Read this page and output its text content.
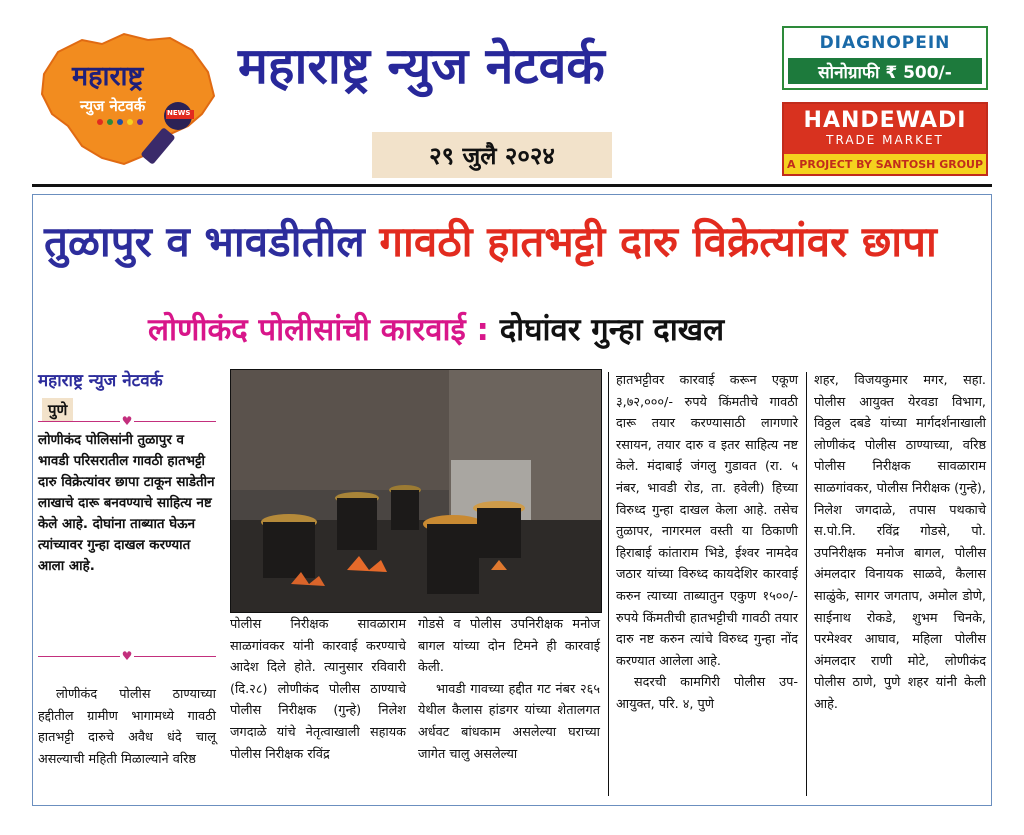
महाराष्ट्र
न्युज नेटवर्क	NEWS
महाराष्ट्र न्युज नेटवर्क
२९ जुलै २०२४
DIAGNOPEIN
सोनोग्राफी ₹ 500/-
HANDEWADI
TRADE MARKET
A PROJECT BY SANTOSH GROUP
तुळापुर व भावडीतील गावठी हातभट्टी दारु विक्रेत्यांवर छापा
लोणीकंद पोलीसांची कारवाई : दोघांवर गुन्हा दाखल
महाराष्ट्र न्युज नेटवर्क
पुणे
♥
लोणीकंद पोलिसांनी तुळापुर व भावडी परिसरातील गावठी हातभट्टी दारु विक्रेत्यांवर छापा टाकून साडेतीन लाखाचे दारू बनवण्याचे साहित्य नष्ट केले आहे. दोघांना ताब्यात घेऊन त्यांच्यावर गुन्हा दाखल करण्यात आला आहे.
♥
लोणीकंद पोलीस ठाण्याच्या हद्दीतील ग्रामीण भागामध्ये गावठी हातभट्टी दारुचे अवैध धंदे चालू असल्याची महिती मिळाल्याने वरिष्ठ
पोलीस निरीक्षक सावळाराम साळगांवकर यांनी कारवाई करण्याचे आदेश दिले होते. त्यानुसार रविवारी (दि.२८) लोणीकंद पोलीस ठाण्याचे पोलीस निरीक्षक (गुन्हे) निलेश जगदाळे यांचे नेतृत्वाखाली सहायक पोलीस निरीक्षक रविंद्र
गोडसे व पोलीस उपनिरीक्षक मनोज बागल यांच्या दोन टिमने ही कारवाई केली.
भावडी गावच्या हद्दीत गट नंबर २६५ येथील कैलास हांडगर यांच्या शेतालगत अर्धवट बांधकाम असलेल्या घराच्या जागेत चालु असलेल्या
हातभट्टीवर कारवाई करून एकूण ३,७२,०००/- रुपये किंमतीचे गावठी दारू तयार करण्यासाठी लागणारे रसायन, तयार दारु व इतर साहित्य नष्ट केले. मंदाबाई जंगलु गुडावत (रा. ५ नंबर, भावडी रोड, ता. हवेली) हिच्या विरुध्द गुन्हा दाखल केला आहे. तसेच तुळापर, नागरमल वस्ती या ठिकाणी हिराबाई कांताराम भिडे, ईश्वर नामदेव जठार यांच्या विरुध्द कायदेशिर कारवाई करुन त्याच्या ताब्यातुन एकुण १५००/- रुपये किंमतीची हातभट्टीची गावठी तयार दारु नष्ट करुन त्यांचे विरुध्द गुन्हा नोंद करण्यात आलेला आहे.
सदरची कामगिरी पोलीस उप-आयुक्त, परि. ४, पुणे
शहर, विजयकुमार मगर, सहा. पोलीस आयुक्त येरवडा विभाग, विठ्ठल दबडे यांच्या मार्गदर्शनाखाली लोणीकंद पोलीस ठाण्याच्या, वरिष्ठ पोलीस निरीक्षक सावळाराम साळगांवकर, पोलीस निरीक्षक (गुन्हे), निलेश जगदाळे, तपास पथकाचे स.पो.नि. रविंद्र गोडसे, पो. उपनिरीक्षक मनोज बागल, पोलीस अंमलदार विनायक साळवे, कैलास साळुंके, सागर जगताप, अमोल डोणे, साईनाथ रोकडे, शुभम चिनके, परमेश्वर आघाव, महिला पोलीस अंमलदार राणी मोटे, लोणीकंद पोलीस ठाणे, पुणे शहर यांनी केली आहे.
